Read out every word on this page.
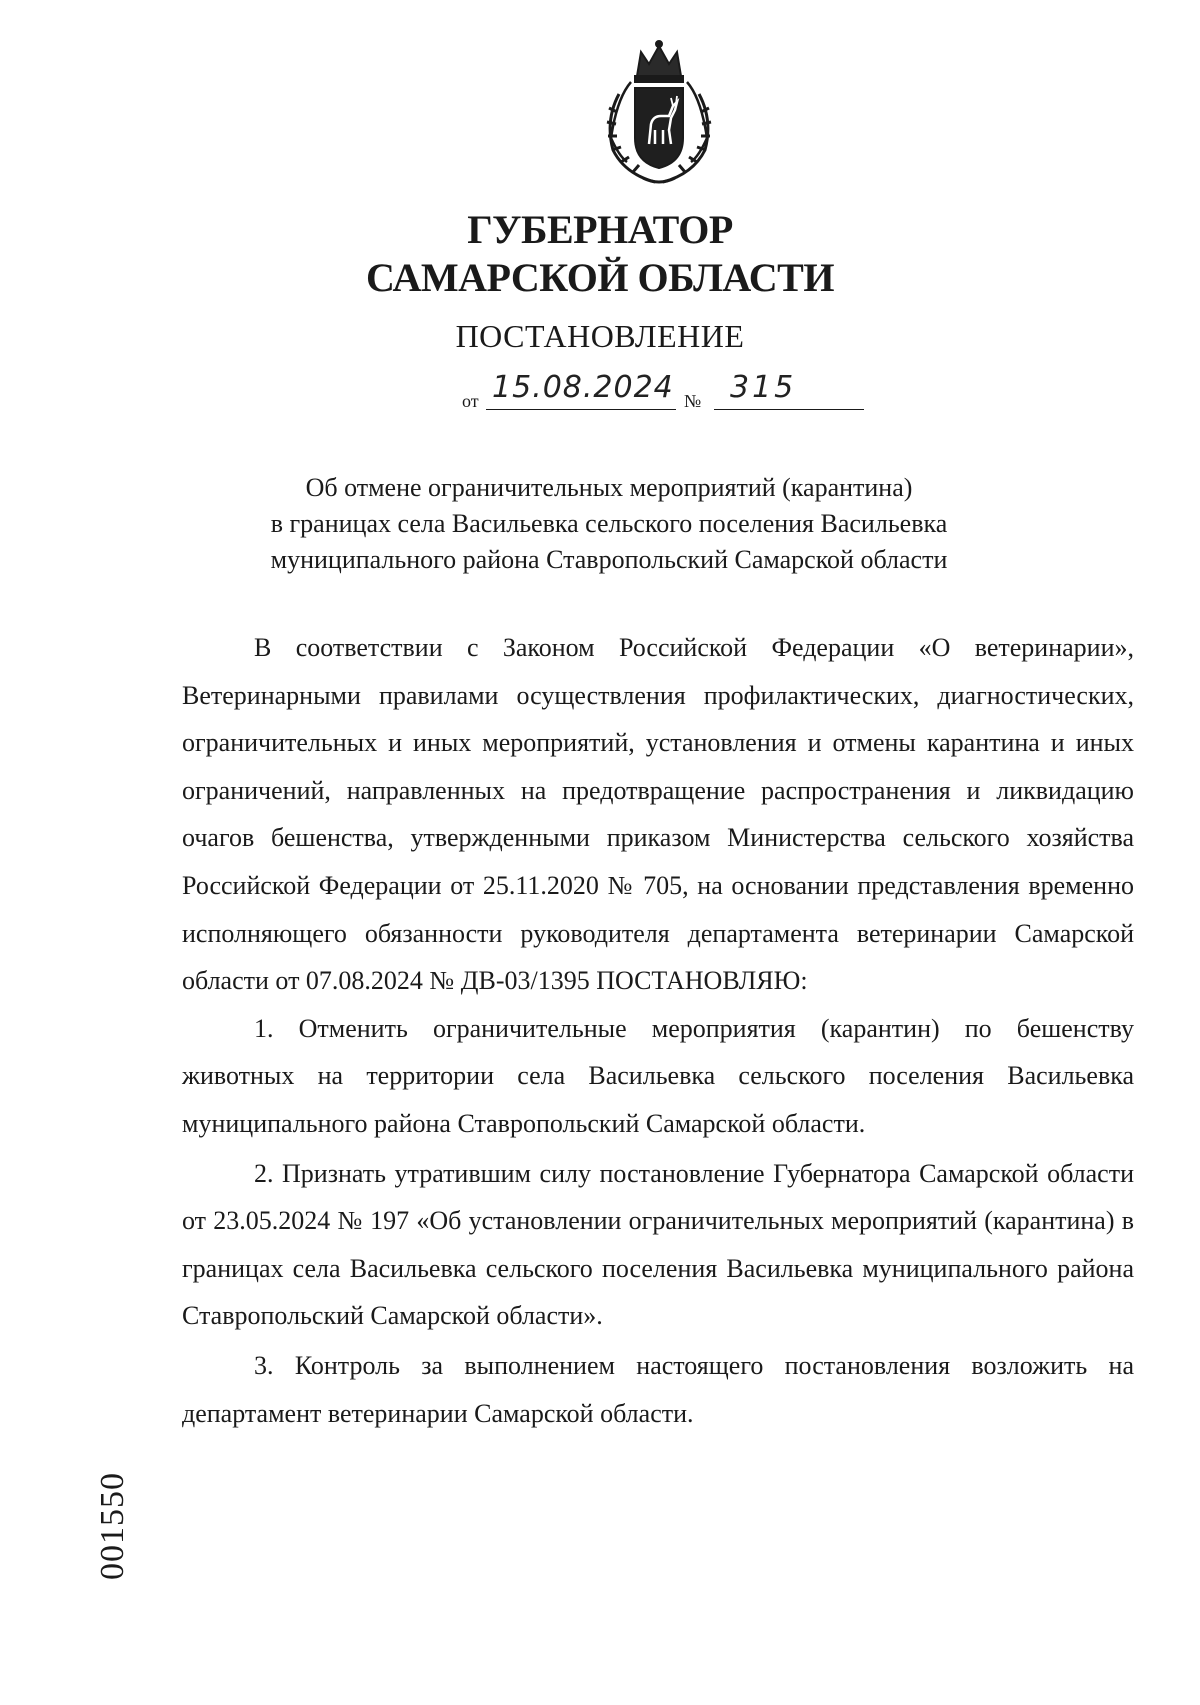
ГУБЕРНАТОР
САМАРСКОЙ ОБЛАСТИ
ПОСТАНОВЛЕНИЕ
от 15.08.2024 № 315
Об отмене ограничительных мероприятий (карантина)
в границах села Васильевка сельского поселения Васильевка
муниципального района Ставропольский Самарской области

В соответствии с Законом Российской Федерации «О ветеринарии», Ветеринарными правилами осуществления профилактических, диагностических, ограничительных и иных мероприятий, установления и отмены карантина и иных ограничений, направленных на предотвращение распространения и ликвидацию очагов бешенства, утвержденными приказом Министерства сельского хозяйства Российской Федерации от 25.11.2020 № 705, на основании представления временно исполняющего обязанности руководителя департамента ветеринарии Самарской области от 07.08.2024 № ДВ-03/1395 ПОСТАНОВЛЯЮ:

1. Отменить ограничительные мероприятия (карантин) по бешенству животных на территории села Васильевка сельского поселения Васильевка муниципального района Ставропольский Самарской области.

2. Признать утратившим силу постановление Губернатора Самарской области от 23.05.2024 № 197 «Об установлении ограничительных мероприятий (карантина) в границах села Васильевка сельского поселения Васильевка муниципального района Ставропольский Самарской области».

3. Контроль за выполнением настоящего постановления возложить на департамент ветеринарии Самарской области.

001550
